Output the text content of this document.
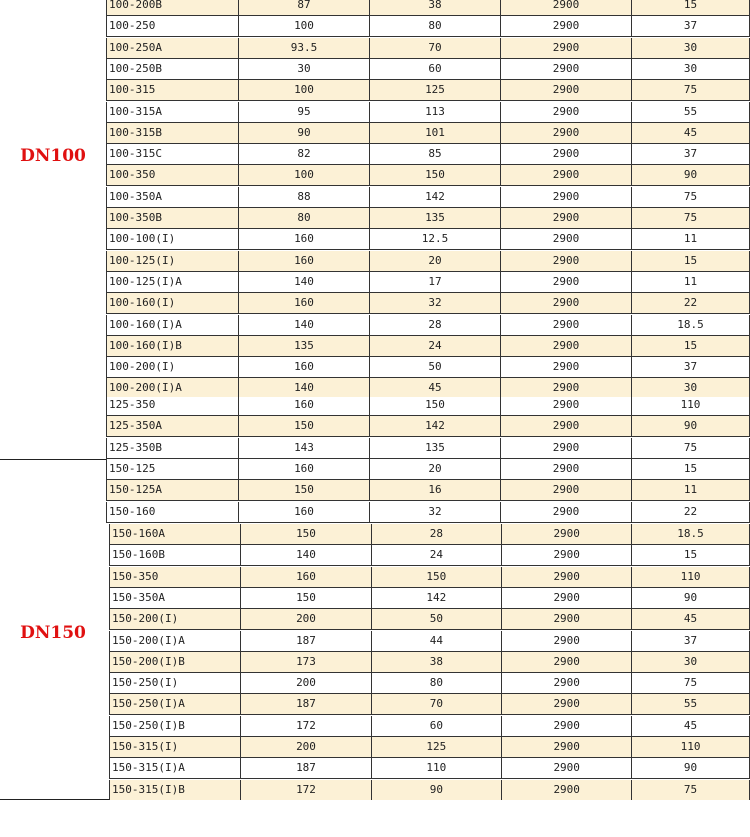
DN100
DN150
100-200B	87	38	2900	15
100-250	100	80	2900	37
100-250A	93.5	70	2900	30
100-250B	30	60	2900	30
100-315	100	125	2900	75
100-315A	95	113	2900	55
100-315B	90	101	2900	45
100-315C	82	85	2900	37
100-350	100	150	2900	90
100-350A	88	142	2900	75
100-350B	80	135	2900	75
100-100(I)	160	12.5	2900	11
100-125(I)	160	20	2900	15
100-125(I)A	140	17	2900	11
100-160(I)	160	32	2900	22
100-160(I)A	140	28	2900	18.5
100-160(I)B	135	24	2900	15
100-200(I)	160	50	2900	37
100-200(I)A	140	45	2900	30
125-350	160	150	2900	110
125-350A	150	142	2900	90
125-350B	143	135	2900	75
150-125	160	20	2900	15
150-125A	150	16	2900	11
150-160	160	32	2900	22
150-160A	150	28	2900	18.5
150-160B	140	24	2900	15
150-350	160	150	2900	110
150-350A	150	142	2900	90
150-200(I)	200	50	2900	45
150-200(I)A	187	44	2900	37
150-200(I)B	173	38	2900	30
150-250(I)	200	80	2900	75
150-250(I)A	187	70	2900	55
150-250(I)B	172	60	2900	45
150-315(I)	200	125	2900	110
150-315(I)A	187	110	2900	90
150-315(I)B	172	90	2900	75
